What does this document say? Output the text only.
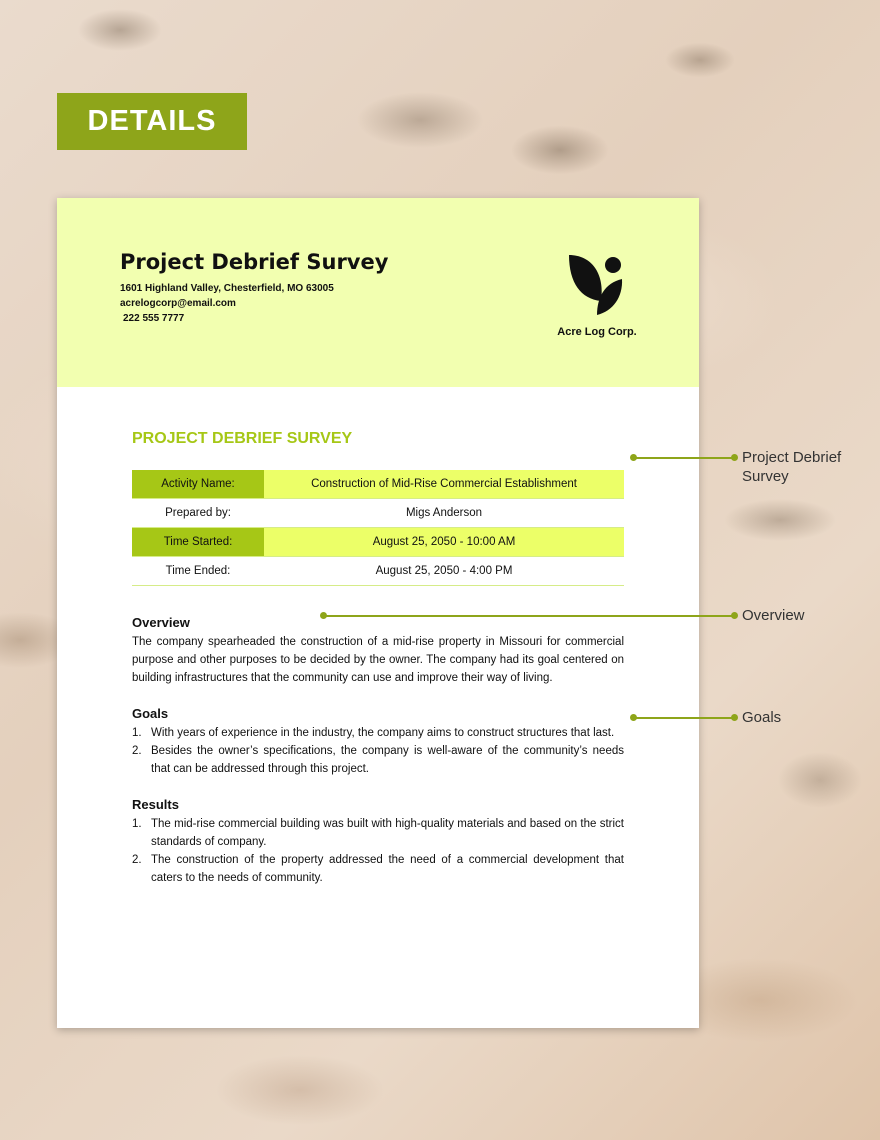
DETAILS
Project Debrief Survey
1601 Highland Valley, Chesterfield, MO 63005
acrelogcorp@email.com
222 555 7777
Acre Log Corp.
PROJECT DEBRIEF SURVEY
Activity Name:	Construction of Mid-Rise Commercial Establishment
Prepared by:	Migs Anderson
Time Started:	August 25, 2050 - 10:00 AM
Time Ended:	August 25, 2050 - 4:00 PM
Overview
The company spearheaded the construction of a mid-rise property in Missouri for commercial purpose and other purposes to be decided by the owner. The company had its goal centered on building infrastructures that the community can use and improve their way of living.
Goals
1. With years of experience in the industry, the company aims to construct structures that last.
2. Besides the owner’s specifications, the company is well-aware of the community’s needs that can be addressed through this project.
Results
1. The mid-rise commercial building was built with high-quality materials and based on the strict standards of company.
2. The construction of the property addressed the need of a commercial development that caters to the needs of community.
Project Debrief Survey
Overview
Goals
